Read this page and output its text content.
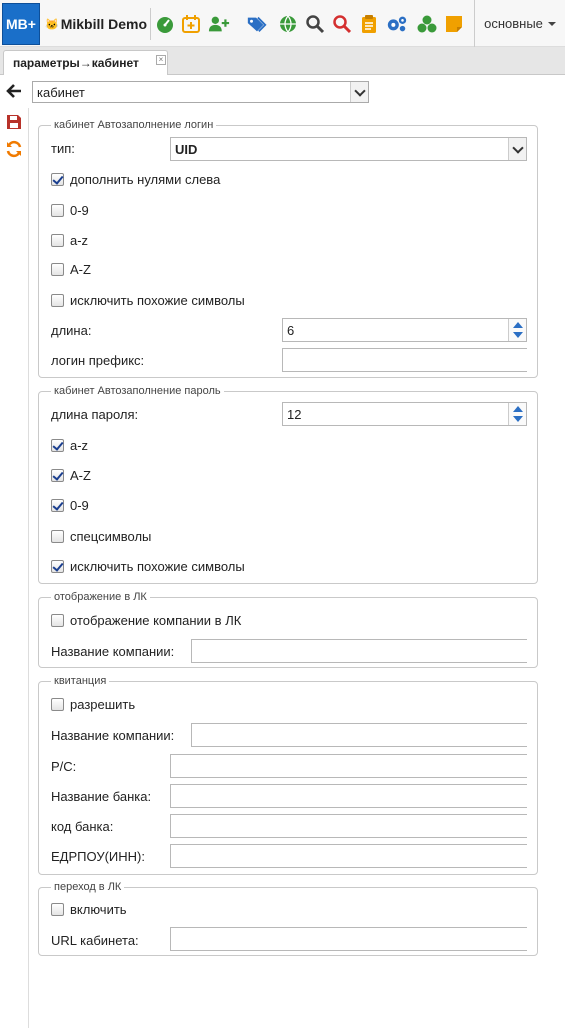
MB+ 🐱 Mikbill Demo	основные
параметры→кабинет	×
кабинет
кабинет Автозаполнение логин
тип:	UID
дополнить нулями слева
0-9
a-z
A-Z
исключить похожие символы
длина:	6
логин префикс:
кабинет Автозаполнение пароль
длина пароля:	12
a-z
A-Z
0-9
спецсимволы
исключить похожие символы
отображение в ЛК
отображение компании в ЛК
Название компании:
квитанция
разрешить
Название компании:
Р/С:
Название банка:
код банка:
ЕДРПОУ(ИНН):
переход в ЛК
включить
URL кабинета:
